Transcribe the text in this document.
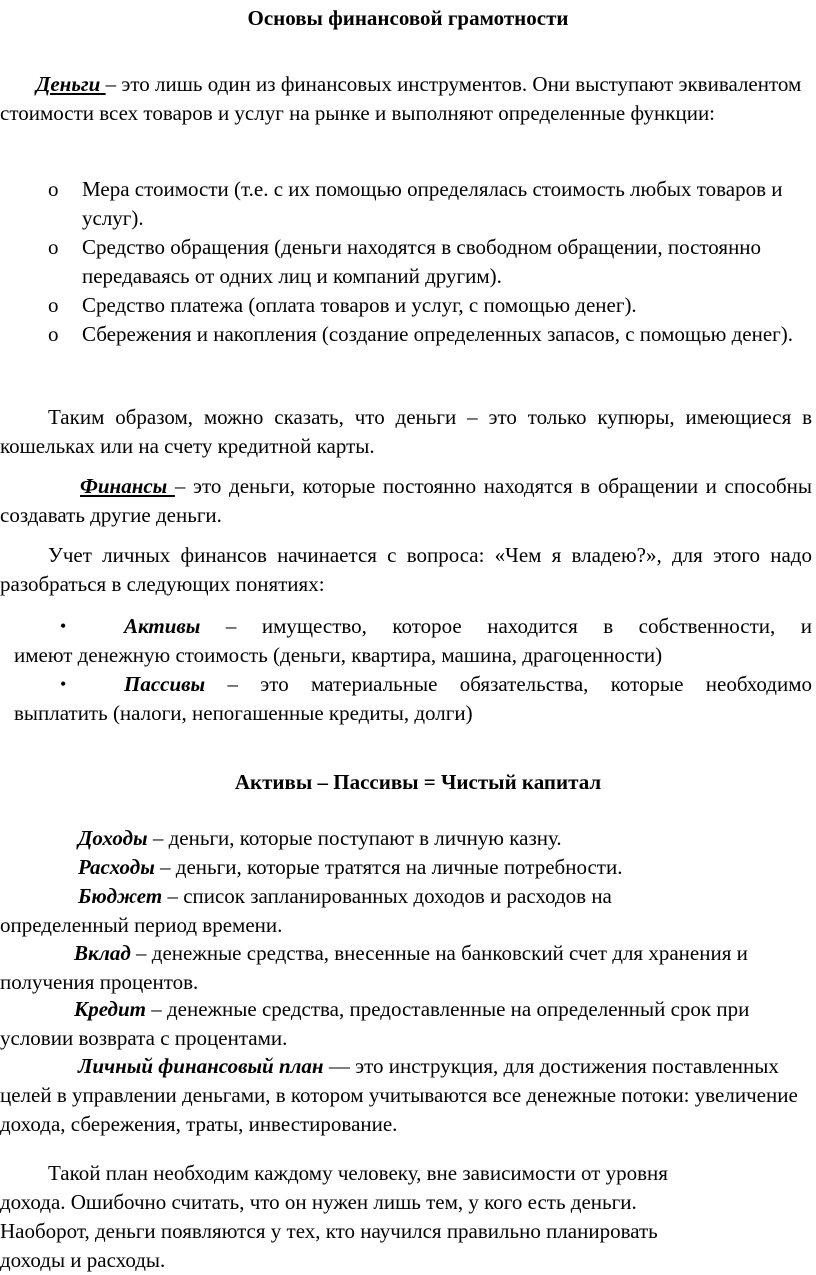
Основы финансовой грамотности

Деньги – это лишь один из финансовых инструментов. Они выступают эквивалентом стоимости всех товаров и услуг на рынке и выполняют определенные функции:

o Мера стоимости (т.е. с их помощью определялась стоимость любых товаров и услуг).
o Средство обращения (деньги находятся в свободном обращении, постоянно передаваясь от одних лиц и компаний другим).
o Средство платежа (оплата товаров и услуг, с помощью денег).
o Сбережения и накопления (создание определенных запасов, с помощью денег).

Таким образом, можно сказать, что деньги – это только купюры, имеющиеся в кошельках или на счету кредитной карты.

Финансы – это деньги, которые постоянно находятся в обращении и способны создавать другие деньги.

Учет личных финансов начинается с вопроса: «Чем я владею?», для этого надо разобраться в следующих понятиях:

•	Активы – имущество, которое находится в собственности, и
имеют денежную стоимость (деньги, квартира, машина, драгоценности)
•	Пассивы – это материальные обязательства, которые необходимо
выплатить (налоги, непогашенные кредиты, долги)

Активы – Пассивы = Чистый капитал

Доходы – деньги, которые поступают в личную казну.

Расходы – деньги, которые тратятся на личные потребности.

Бюджет – список запланированных доходов и расходов на определенный период времени.

Вклад – денежные средства, внесенные на банковский счет для хранения и получения процентов.

Кредит – денежные средства, предоставленные на определенный срок при условии возврата с процентами.

Личный финансовый план — это инструкция, для достижения поставленных целей в управлении деньгами, в котором учитываются все денежные потоки: увеличение дохода, сбережения, траты, инвестирование.

Такой план необходим каждому человеку, вне зависимости от уровня дохода. Ошибочно считать, что он нужен лишь тем, у кого есть деньги. Наоборот, деньги появляются у тех, кто научился правильно планировать доходы и расходы.
